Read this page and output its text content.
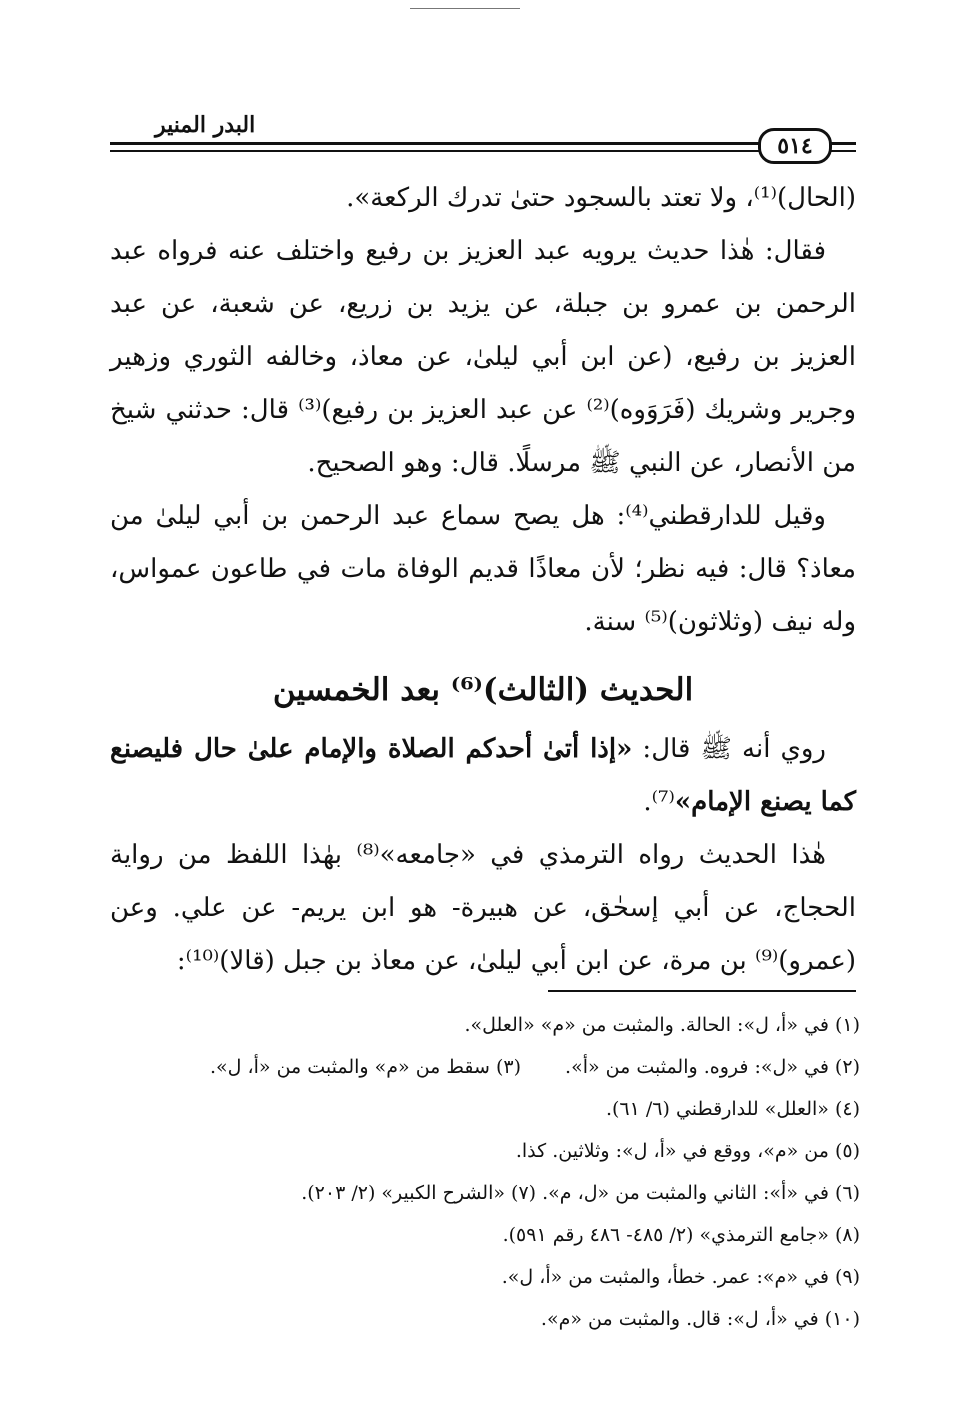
البدر المنير
٥١٤

(الحال)⁽¹⁾، ولا تعتد بالسجود حتىٰ تدرك الركعة».

فقال: هٰذا حديث يرويه عبد العزيز بن رفيع واختلف عنه فرواه عبد الرحمن بن عمرو بن جبلة، عن يزيد بن زريع، عن شعبة، عن عبد العزيز بن رفيع، (عن ابن أبي ليلىٰ، عن معاذ، وخالفه الثوري وزهير وجرير وشريك (فَرَوَوه)⁽²⁾ عن عبد العزيز بن رفيع)⁽³⁾ قال: حدثني شيخ من الأنصار، عن النبي ﷺ مرسلًا. قال: وهو الصحيح.

وقيل للدارقطني⁽⁴⁾: هل يصح سماع عبد الرحمن بن أبي ليلىٰ من معاذ؟ قال: فيه نظر؛ لأن معاذًا قديم الوفاة مات في طاعون عمواس، وله نيف (وثلاثون)⁽⁵⁾ سنة.

الحديث (الثالث)⁽⁶⁾ بعد الخمسين

روي أنه ﷺ قال: «إذا أتىٰ أحدكم الصلاة والإمام علىٰ حال فليصنع كما يصنع الإمام»⁽⁷⁾.

هٰذا الحديث رواه الترمذي في «جامعه»⁽⁸⁾ بهٰذا اللفظ من رواية الحجاج، عن أبي إسحٰق، عن هبيرة- هو ابن يريم- عن علي. وعن (عمرو)⁽⁹⁾ بن مرة، عن ابن أبي ليلىٰ، عن معاذ بن جبل (قالا)⁽¹⁰⁾:

(١) في «أ، ل»: الحالة. والمثبت من «م» «العلل».

(٢) في «ل»: فروه. والمثبت من «أ».
(٣) سقط من «م» والمثبت من «أ، ل».

(٤) «العلل» للدارقطني (٦/ ٦١).

(٥) من «م»، ووقع في «أ، ل»: وثلاثين. كذا.

(٦) في «أ»: الثاني والمثبت من «ل، م». (٧) «الشرح الكبير» (٢/ ٢٠٣).

(٨) «جامع الترمذي» (٢/ ٤٨٥- ٤٨٦ رقم ٥٩١).

(٩) في «م»: عمر. خطأ، والمثبت من «أ، ل».

(١٠) في «أ، ل»: قال. والمثبت من «م».
